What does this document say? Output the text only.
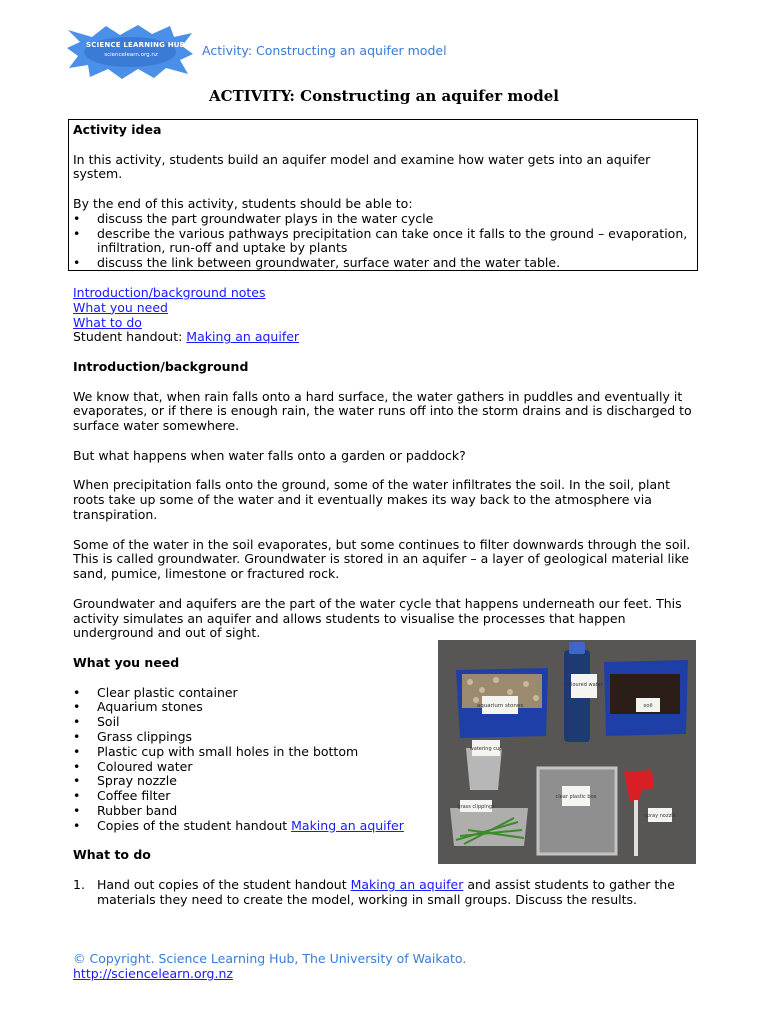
SCIENCE LEARNING HUB
sciencelearn.org.nz	Activity: Constructing an aquifer model
ACTIVITY: Constructing an aquifer model

Activity idea

In this activity, students build an aquifer model and examine how water gets into an aquifer system.

By the end of this activity, students should be able to:

• discuss the part groundwater plays in the water cycle
• describe the various pathways precipitation can take once it falls to the ground – evaporation, infiltration, run-off and uptake by plants
• discuss the link between groundwater, surface water and the water table.

Introduction/background notes

What you need

What to do

Student handout: Making an aquifer

Introduction/background

We know that, when rain falls onto a hard surface, the water gathers in puddles and eventually it evaporates, or if there is enough rain, the water runs off into the storm drains and is discharged to surface water somewhere.

But what happens when water falls onto a garden or paddock?

When precipitation falls onto the ground, some of the water infiltrates the soil. In the soil, plant roots take up some of the water and it eventually makes its way back to the atmosphere via transpiration.

Some of the water in the soil evaporates, but some continues to filter downwards through the soil. This is called groundwater. Groundwater is stored in an aquifer – a layer of geological material like sand, pumice, limestone or fractured rock.

Groundwater and aquifers are the part of the water cycle that happens underneath our feet. This activity simulates an aquifer and allows students to visualise the processes that happen underground and out of sight.

What you need

• Clear plastic container
• Aquarium stones
• Soil
• Grass clippings
• Plastic cup with small holes in the bottom
• Coloured water
• Spray nozzle
• Coffee filter
• Rubber band
• Copies of the student handout Making an aquifer

What to do

1. Hand out copies of the student handout Making an aquifer and assist students to gather the materials they need to create the model, working in small groups. Discuss the results.
aquarium stones
coloured water
soil
watering cup
clear plastic box
grass clippings
spray nozzle
© Copyright. Science Learning Hub, The University of Waikato.
http://sciencelearn.org.nz
